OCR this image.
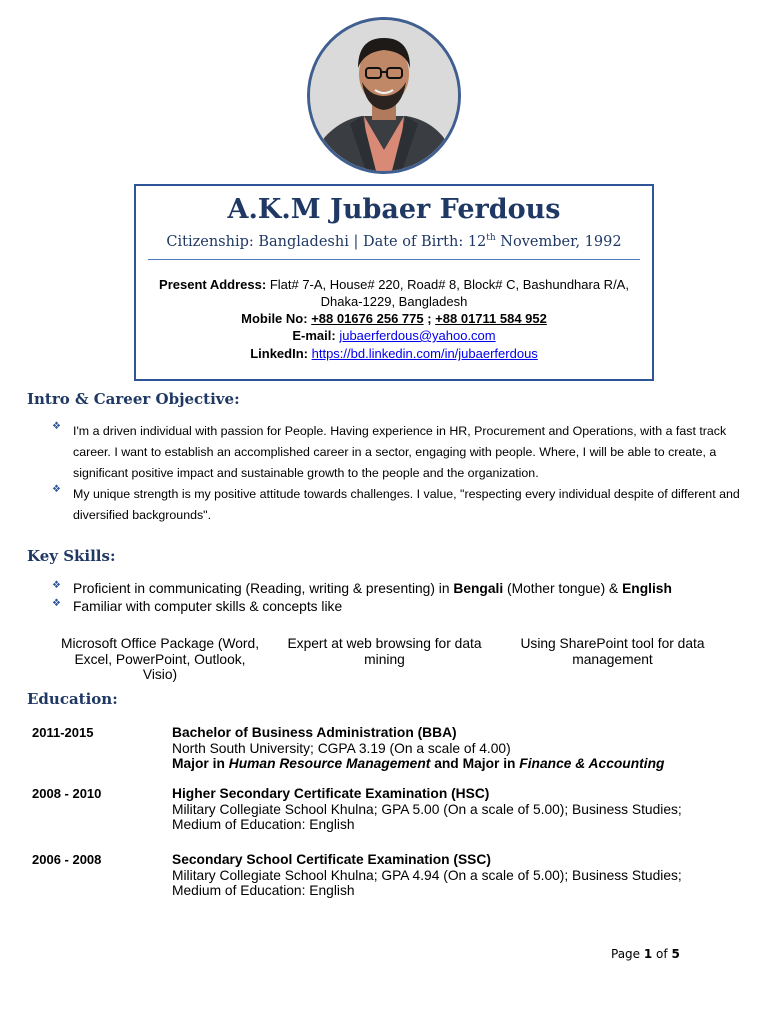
A.K.M Jubaer Ferdous
Citizenship: Bangladeshi | Date of Birth: 12th November, 1992
Present Address: Flat# 7-A, House# 220, Road# 8, Block# C, Bashundhara R/A,
Dhaka-1229, Bangladesh
Mobile No: +88 01676 256 775 ; +88 01711 584 952
E-mail: jubaerferdous@yahoo.com
LinkedIn: https://bd.linkedin.com/in/jubaerferdous
Intro & Career Objective:
❖ I'm a driven individual with passion for People. Having experience in HR, Procurement and Operations, with a fast track career. I want to establish an accomplished career in a sector, engaging with people. Where, I will be able to create, a significant positive impact and sustainable growth to the people and the organization.
❖ My unique strength is my positive attitude towards challenges. I value, "respecting every individual despite of different and diversified backgrounds".
Key Skills:
❖ Proficient in communicating (Reading, writing & presenting) in Bengali (Mother tongue) & English
❖ Familiar with computer skills & concepts like
Microsoft Office Package (Word, Excel, PowerPoint, Outlook, Visio)
Expert at web browsing for data mining
Using SharePoint tool for data management
Education:
2011-2015	Bachelor of Business Administration (BBA)
North South University; CGPA 3.19 (On a scale of 4.00)
Major in Human Resource Management and Major in Finance & Accounting
2008 - 2010	Higher Secondary Certificate Examination (HSC)
Military Collegiate School Khulna; GPA 5.00 (On a scale of 5.00); Business Studies; Medium of Education: English
2006 - 2008	Secondary School Certificate Examination (SSC)
Military Collegiate School Khulna; GPA 4.94 (On a scale of 5.00); Business Studies; Medium of Education: English
Page 1 of 5
